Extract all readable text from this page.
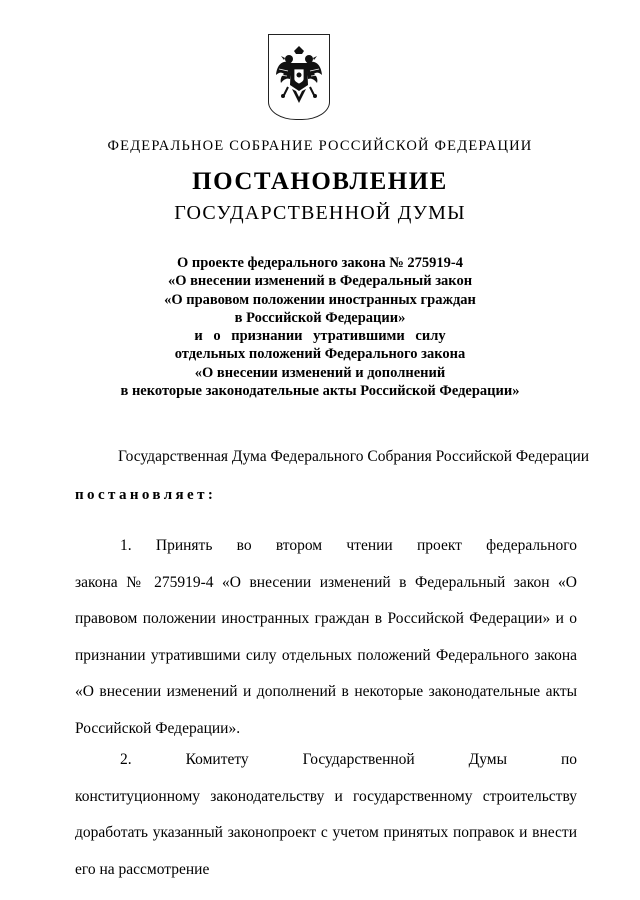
ФЕДЕРАЛЬНОЕ СОБРАНИЕ РОССИЙСКОЙ ФЕДЕРАЦИИ
ПОСТАНОВЛЕНИЕ
ГОСУДАРСТВЕННОЙ ДУМЫ
О проекте федерального закона № 275919-4
«О внесении изменений в Федеральный закон
«О правовом положении иностранных граждан
в Российской Федерации»
и о признании утратившими силу
отдельных положений Федерального закона
«О внесении изменений и дополнений
в некоторые законодательные акты Российской Федерации»
Государственная Дума Федерального Собрания Российской Федерации
постановляет:
1. Принять во втором чтении проект федерального закона № 275919-4 «О внесении изменений в Федеральный закон «О правовом положении иностранных граждан в Российской Федерации» и о признании утратившими силу отдельных положений Федерального закона «О внесении изменений и дополнений в некоторые законодательные акты Российской Федерации».
2. Комитету Государственной Думы по конституционному законодательству и государственному строительству доработать указанный законопроект с учетом принятых поправок и внести его на рассмотрение
